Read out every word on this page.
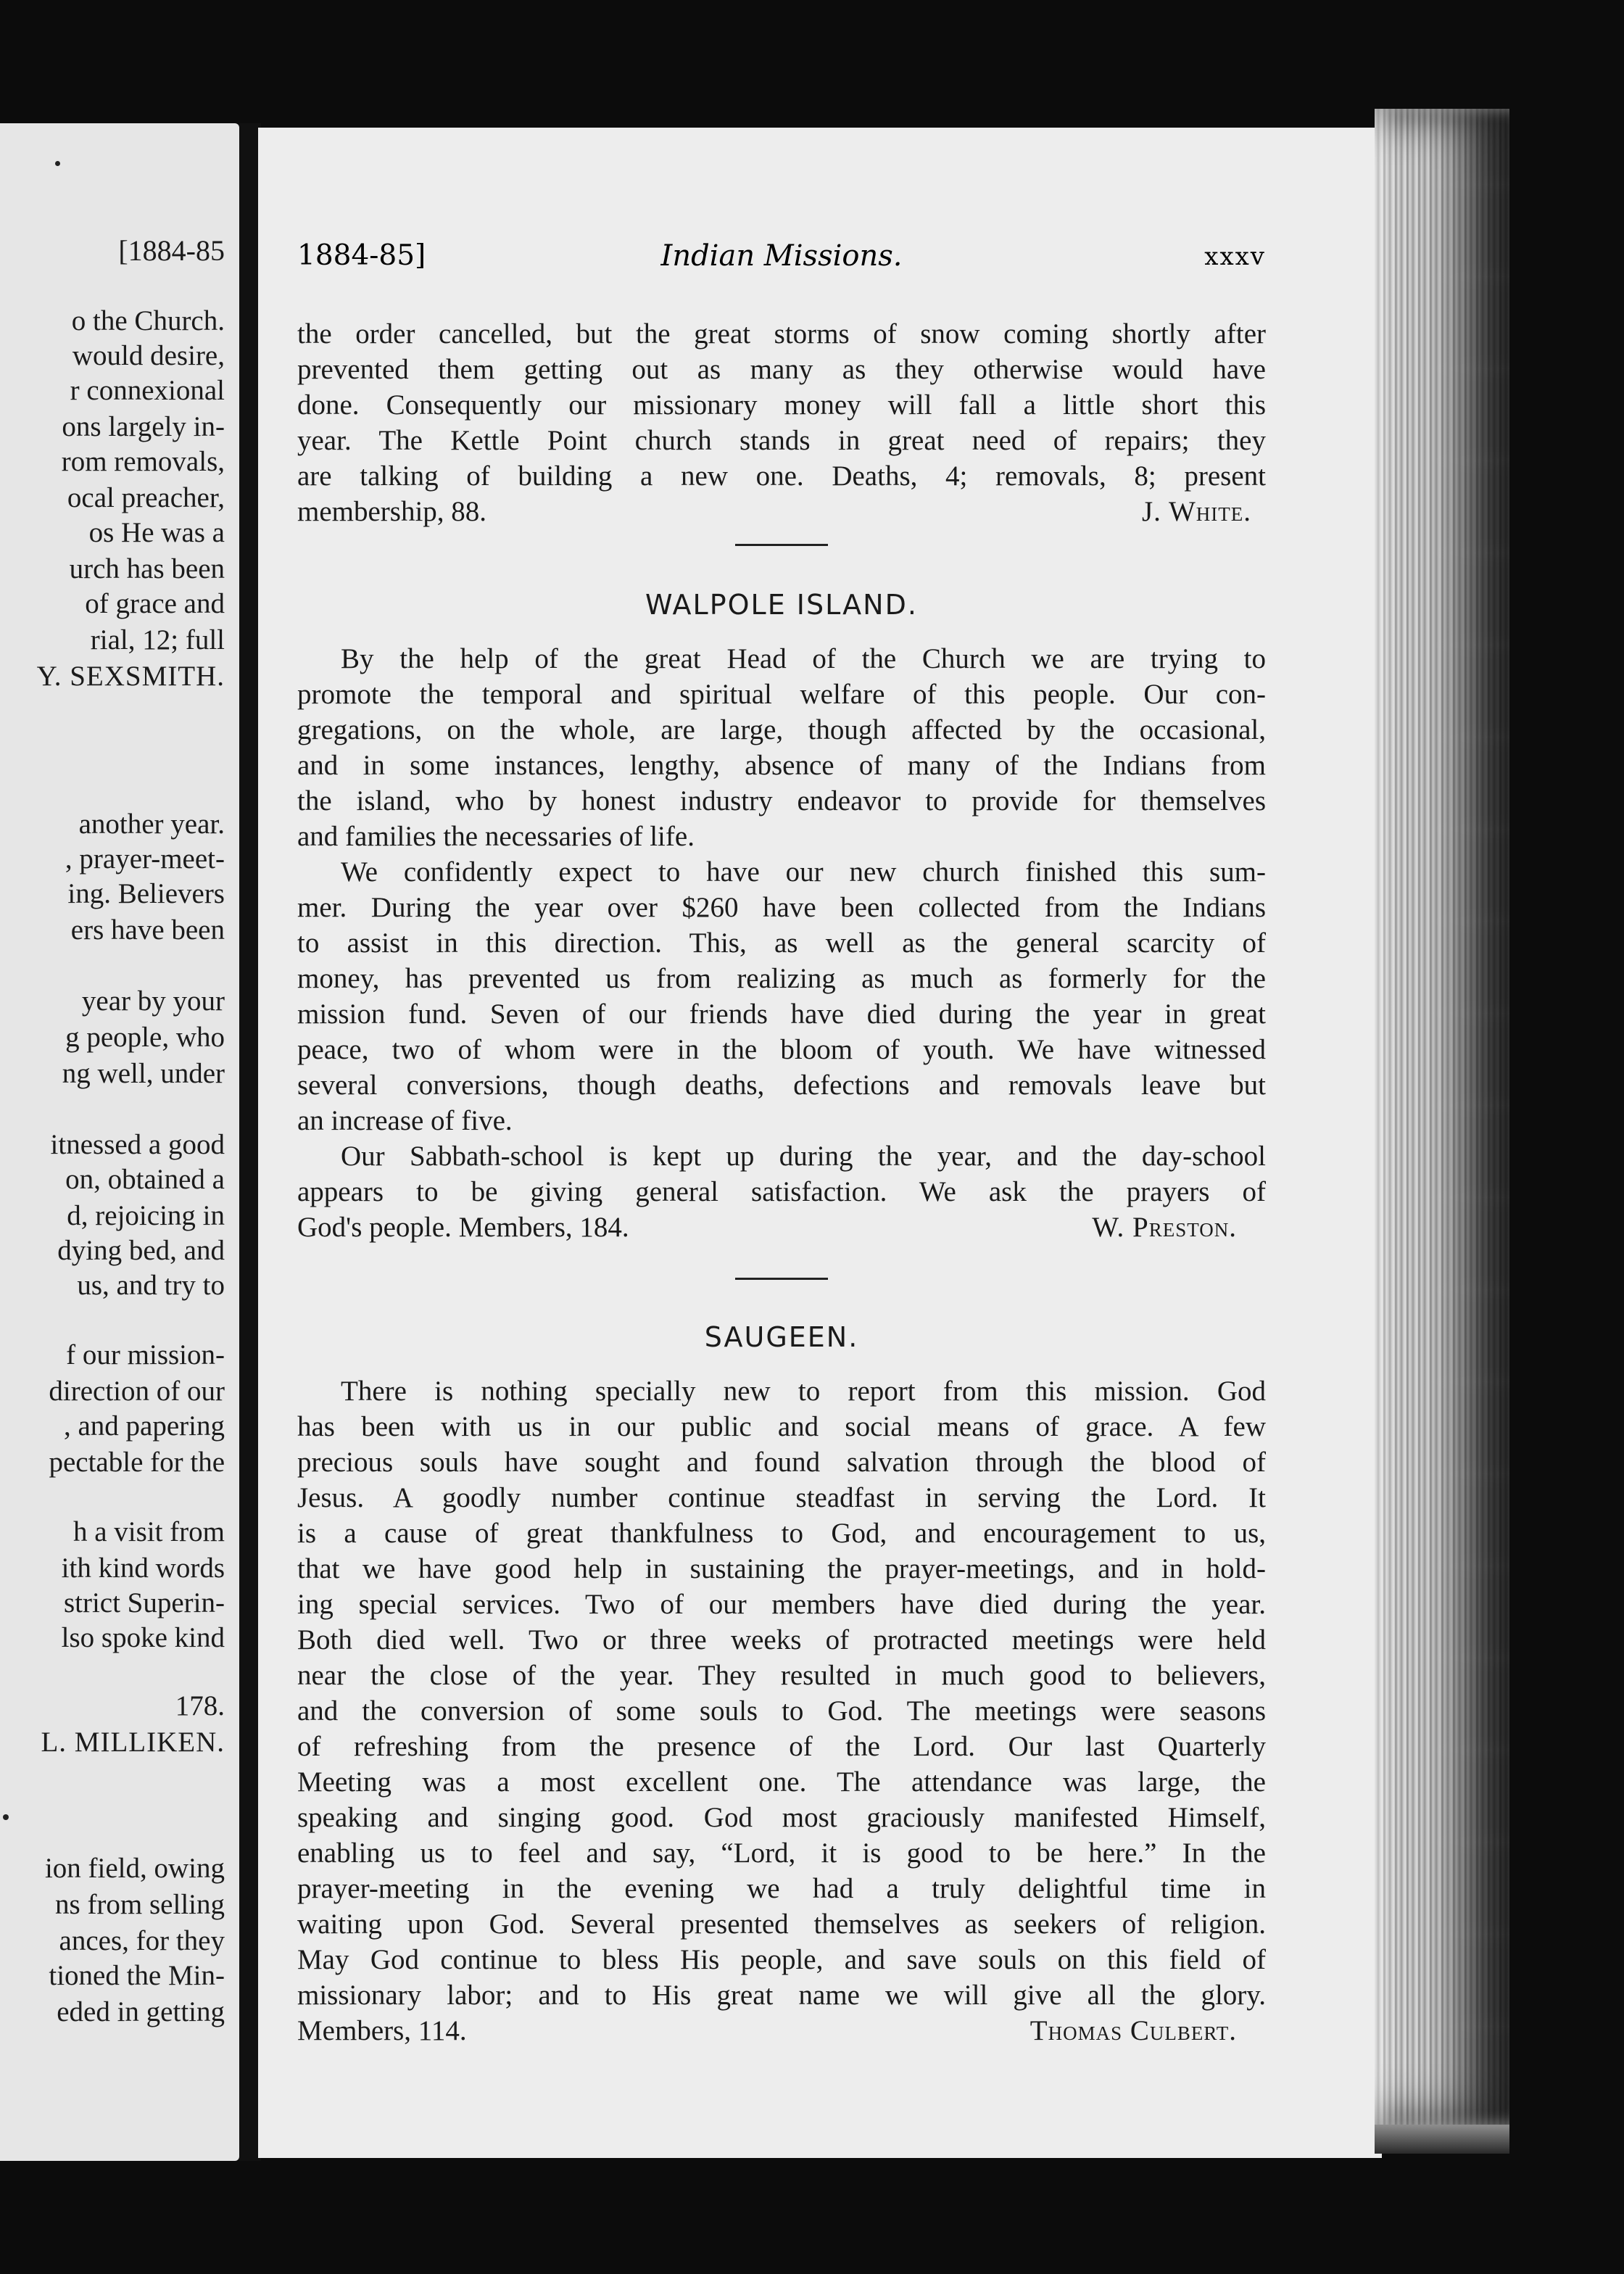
[1884-85
o the Church.
would desire,
r connexional
ons largely in-
rom removals,
ocal preacher,
os He was a
urch has been
of grace and
rial, 12; full
Y. SEXSMITH.
another year.
, prayer-meet-
ing. Believers
ers have been
year by your
g people, who
ng well, under
itnessed a good
on, obtained a
d, rejoicing in
dying bed, and
us, and try to
f our mission-
direction of our
, and papering
pectable for the
h a visit from
ith kind words
strict Superin-
lso spoke kind
178.
L. MILLIKEN.
ion field, owing
ns from selling
ances, for they
tioned the Min-
eded in getting
1884-85]	Indian Missions.	xxxv
the order cancelled, but the great storms of snow coming shortly after
prevented them getting out as many as they otherwise would have
done. Consequently our missionary money will fall a little short this
year. The Kettle Point church stands in great need of repairs; they
are talking of building a new one. Deaths, 4; removals, 8; present
membership, 88.	J. White.
WALPOLE ISLAND.
By the help of the great Head of the Church we are trying to
promote the temporal and spiritual welfare of this people. Our con-
gregations, on the whole, are large, though affected by the occasional,
and in some instances, lengthy, absence of many of the Indians from
the island, who by honest industry endeavor to provide for themselves
and families the necessaries of life.
We confidently expect to have our new church finished this sum-
mer. During the year over $260 have been collected from the Indians
to assist in this direction. This, as well as the general scarcity of
money, has prevented us from realizing as much as formerly for the
mission fund. Seven of our friends have died during the year in great
peace, two of whom were in the bloom of youth. We have witnessed
several conversions, though deaths, defections and removals leave but
an increase of five.
Our Sabbath-school is kept up during the year, and the day-school
appears to be giving general satisfaction. We ask the prayers of
God's people. Members, 184.	W. Preston.
SAUGEEN.
There is nothing specially new to report from this mission. God
has been with us in our public and social means of grace. A few
precious souls have sought and found salvation through the blood of
Jesus. A goodly number continue steadfast in serving the Lord. It
is a cause of great thankfulness to God, and encouragement to us,
that we have good help in sustaining the prayer-meetings, and in hold-
ing special services. Two of our members have died during the year.
Both died well. Two or three weeks of protracted meetings were held
near the close of the year. They resulted in much good to believers,
and the conversion of some souls to God. The meetings were seasons
of refreshing from the presence of the Lord. Our last Quarterly
Meeting was a most excellent one. The attendance was large, the
speaking and singing good. God most graciously manifested Himself,
enabling us to feel and say, “Lord, it is good to be here.” In the
prayer-meeting in the evening we had a truly delightful time in
waiting upon God. Several presented themselves as seekers of religion.
May God continue to bless His people, and save souls on this field of
missionary labor; and to His great name we will give all the glory.
Members, 114.	Thomas Culbert.
